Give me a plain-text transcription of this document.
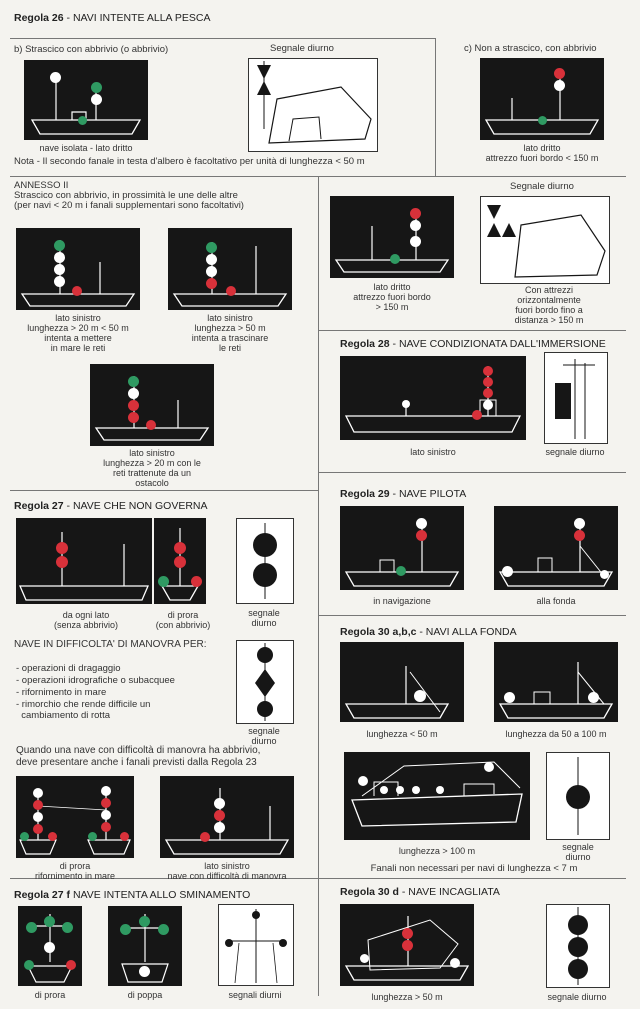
Regola 26 - NAVI INTENTE ALLA PESCA
b) Strascico con abbrivio (o abbrivio)	Segnale diurno	c) Non a strascico, con abbrivio
nave isolata - lato dritto
Nota - Il secondo fanale in testa d'albero è facoltativo per unità di lunghezza < 50 m
lato dritto
attrezzo fuori bordo < 150 m
ANNESSO II
Strascico con abbrivio, in prossimità le une delle altre
(per navi < 20 m i fanali supplementari sono facoltativi)
lato sinistro
lunghezza > 20 m < 50 m
intenta a mettere
in mare le reti
lato sinistro
lunghezza > 50 m
intenta a trascinare
le reti
lato sinistro
lunghezza > 20 m con le
reti trattenute da un
ostacolo
Segnale diurno
lato dritto
attrezzo fuori bordo
> 150 m
Con attrezzi
orizzontalmente
fuori bordo fino a
distanza > 150 m
Regola 28 - NAVE CONDIZIONATA DALL'IMMERSIONE
lato sinistro	segnale diurno
Regola 27 - NAVE CHE NON GOVERNA
da ogni lato
(senza abbrivio)
di prora
(con abbrivio)
segnale
diurno
NAVE IN DIFFICOLTA' DI MANOVRA PER:
- operazioni di dragaggio
- operazioni idrografiche o subacquee
- rifornimento in mare
- rimorchio che rende difficile un
cambiamento di rotta
segnale
diurno
Quando una nave con difficoltà di manovra ha abbrivio,
deve presentare anche i fanali previsti dalla Regola 23
di prora
rifornimento in mare
lato sinistro
nave con difficoltà di manovra
Regola 27 f NAVE INTENTA ALLO SMINAMENTO
di prora	di poppa	segnali diurni
Regola 29 - NAVE PILOTA
in navigazione	alla fonda
Regola 30 a,b,c - NAVI ALLA FONDA
lunghezza < 50 m	lunghezza da 50 a 100 m
lunghezza > 100 m	segnale
diurno
Fanali non necessari per navi di lunghezza < 7 m
Regola 30 d - NAVE INCAGLIATA
lunghezza > 50 m	segnale diurno
